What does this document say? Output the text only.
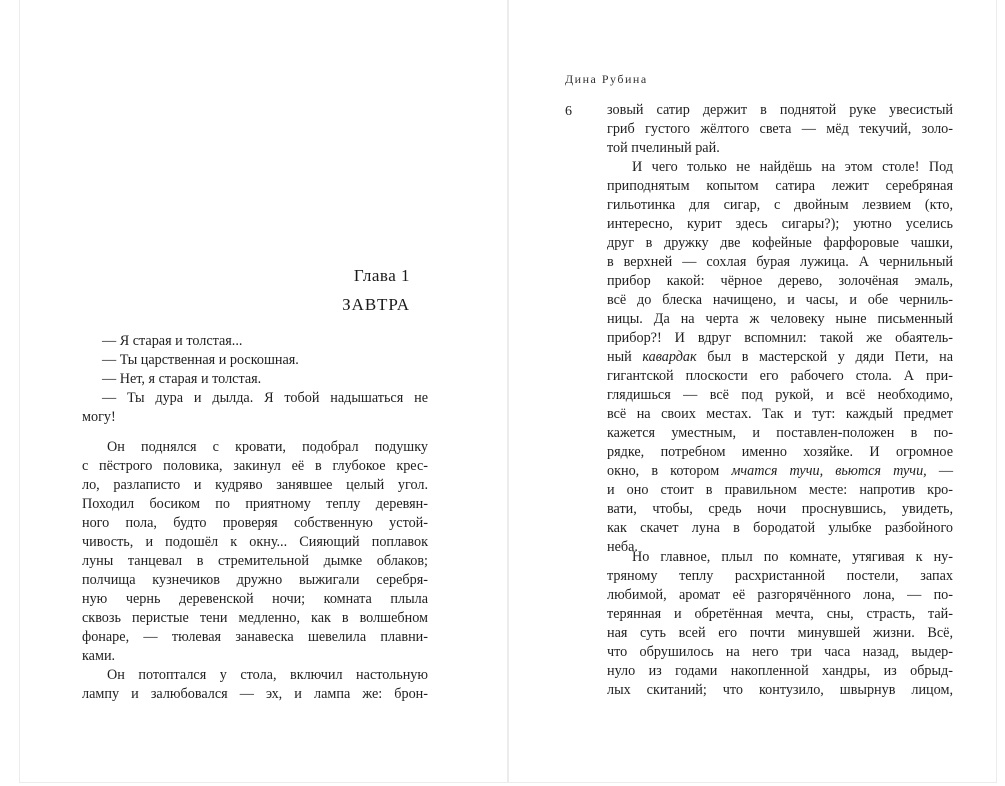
Глава 1
ЗАВТРА
— Я старая и толстая...
— Ты царственная и роскошная.
— Нет, я старая и толстая.
— Ты дура и дылда. Я тобой надышаться не
могу!
Он поднялся с кровати, подобрал подушку
с пёстрого половика, закинул её в глубокое крес-
ло, разлаписто и кудряво занявшее целый угол.
Походил босиком по приятному теплу деревян-
ного пола, будто проверяя собственную устой-
чивость, и подошёл к окну... Сияющий поплавок
луны танцевал в стремительной дымке облаков;
полчища кузнечиков дружно выжигали серебря-
ную чернь деревенской ночи; комната плыла
сквозь перистые тени медленно, как в волшебном
фонаре, — тюлевая занавеска шевелила плавни-
ками.
Он потоптался у стола, включил настольную
лампу и залюбовался — эх, и лампа же: брон-
Дина Рубина
6 зовый сатир держит в поднятой руке увесистый
гриб густого жёлтого света — мёд текучий, золо-
той пчелиный рай.
И чего только не найдёшь на этом столе! Под
приподнятым копытом сатира лежит серебряная
гильотинка для сигар, с двойным лезвием (кто,
интересно, курит здесь сигары?); уютно уселись
друг в дружку две кофейные фарфоровые чашки,
в верхней — сохлая бурая лужица. А чернильный
прибор какой: чёрное дерево, золочёная эмаль,
всё до блеска начищено, и часы, и обе черниль-
ницы. Да на черта ж человеку ныне письменный
прибор?! И вдруг вспомнил: такой же обаятель-
ный кавардак был в мастерской у дяди Пети, на
гигантской плоскости его рабочего стола. А при-
глядишься — всё под рукой, и всё необходимо,
всё на своих местах. Так и тут: каждый предмет
кажется уместным, и поставлен-положен в по-
рядке, потребном именно хозяйке. И огромное
окно, в котором мчатся тучи, вьются тучи, —
и оно стоит в правильном месте: напротив кро-
вати, чтобы, средь ночи проснувшись, увидеть,
как скачет луна в бородатой улыбке разбойного
неба.
Но главное, плыл по комнате, утягивая к ну-
тряному теплу расхристанной постели, запах
любимой, аромат её разгорячённого лона, — по-
терянная и обретённая мечта, сны, страсть, тай-
ная суть всей его почти минувшей жизни. Всё,
что обрушилось на него три часа назад, выдер-
нуло из годами накопленной хандры, из обрыд-
лых скитаний; что контузило, швырнув лицом,
